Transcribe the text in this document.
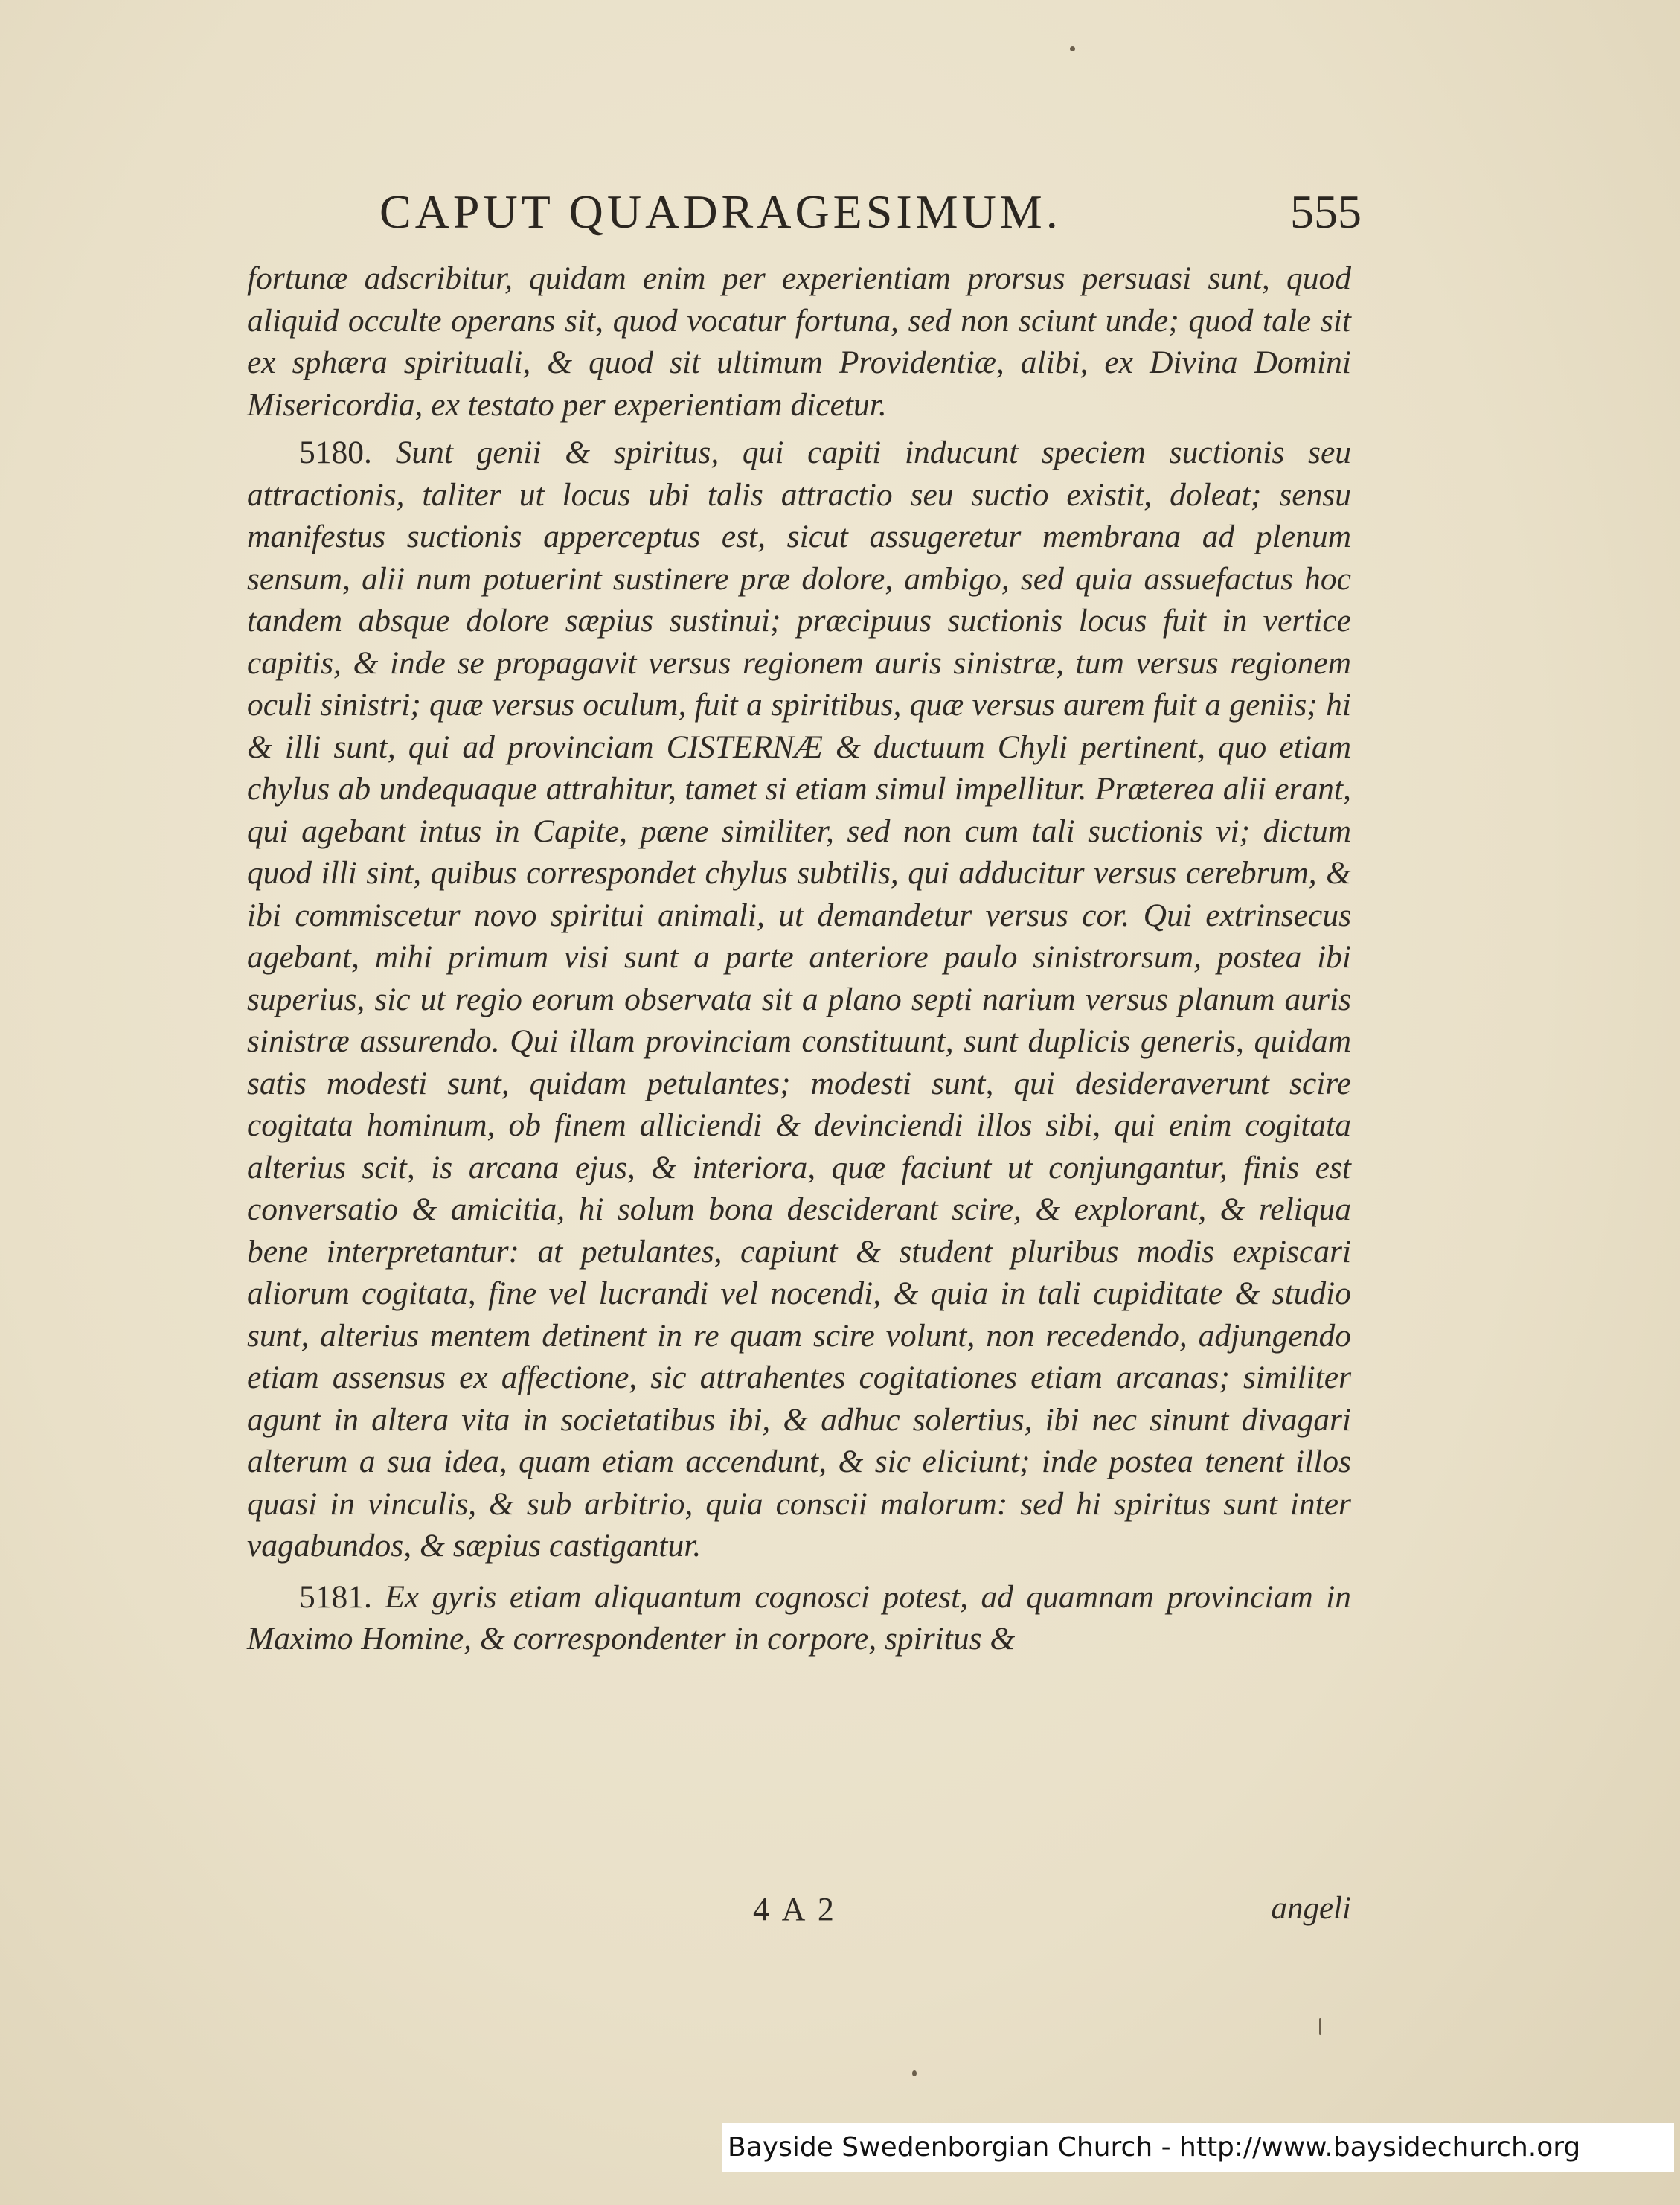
CAPUT QUADRAGESIMUM.	555

fortunæ adscribitur, quidam enim per experientiam prorsus persuasi sunt, quod aliquid occulte operans sit, quod vocatur fortuna, sed non sciunt unde; quod tale sit ex sphæra spirituali, & quod sit ultimum Providentiæ, alibi, ex Divina Domini Misericordia, ex testato per experientiam dicetur.

5180. Sunt genii & spiritus, qui capiti inducunt speciem suctionis seu attractionis, taliter ut locus ubi talis attractio seu suctio existit, doleat; sensu manifestus suctionis apperceptus est, sicut assugeretur membrana ad plenum sensum, alii num potuerint sustinere præ dolore, ambigo, sed quia assuefactus hoc tandem absque dolore sæpius sustinui; præcipuus suctionis locus fuit in vertice capitis, & inde se propagavit versus regionem auris sinistræ, tum versus regionem oculi sinistri; quæ versus oculum, fuit a spiritibus, quæ versus aurem fuit a geniis; hi & illi sunt, qui ad provinciam CISTERNÆ & ductuum Chyli pertinent, quo etiam chylus ab undequaque attrahitur, tamet si etiam simul impellitur. Præterea alii erant, qui agebant intus in Capite, pæne similiter, sed non cum tali suctionis vi; dictum quod illi sint, quibus correspondet chylus subtilis, qui adducitur versus cerebrum, & ibi commiscetur novo spiritui animali, ut demandetur versus cor. Qui extrinsecus agebant, mihi primum visi sunt a parte anteriore paulo sinistrorsum, postea ibi superius, sic ut regio eorum observata sit a plano septi narium versus planum auris sinistræ assurendo. Qui illam provinciam constituunt, sunt duplicis generis, quidam satis modesti sunt, quidam petulantes; modesti sunt, qui desideraverunt scire cogitata hominum, ob finem alliciendi & devinciendi illos sibi, qui enim cogitata alterius scit, is arcana ejus, & interiora, quæ faciunt ut conjungantur, finis est conversatio & amicitia, hi solum bona desciderant scire, & explorant, & reliqua bene interpretantur: at petulantes, capiunt & student pluribus modis expiscari aliorum cogitata, fine vel lucrandi vel nocendi, & quia in tali cupiditate & studio sunt, alterius mentem detinent in re quam scire volunt, non recedendo, adjungendo etiam assensus ex affectione, sic attrahentes cogitationes etiam arcanas; similiter agunt in altera vita in societatibus ibi, & adhuc solertius, ibi nec sinunt divagari alterum a sua idea, quam etiam accendunt, & sic eliciunt; inde postea tenent illos quasi in vinculis, & sub arbitrio, quia conscii malorum: sed hi spiritus sunt inter vagabundos, & sæpius castigantur.

5181. Ex gyris etiam aliquantum cognosci potest, ad quamnam provinciam in Maximo Homine, & correspondenter in corpore, spiritus &

4 A 2	angeli
Bayside Swedenborgian Church - http://www.baysidechurch.org
